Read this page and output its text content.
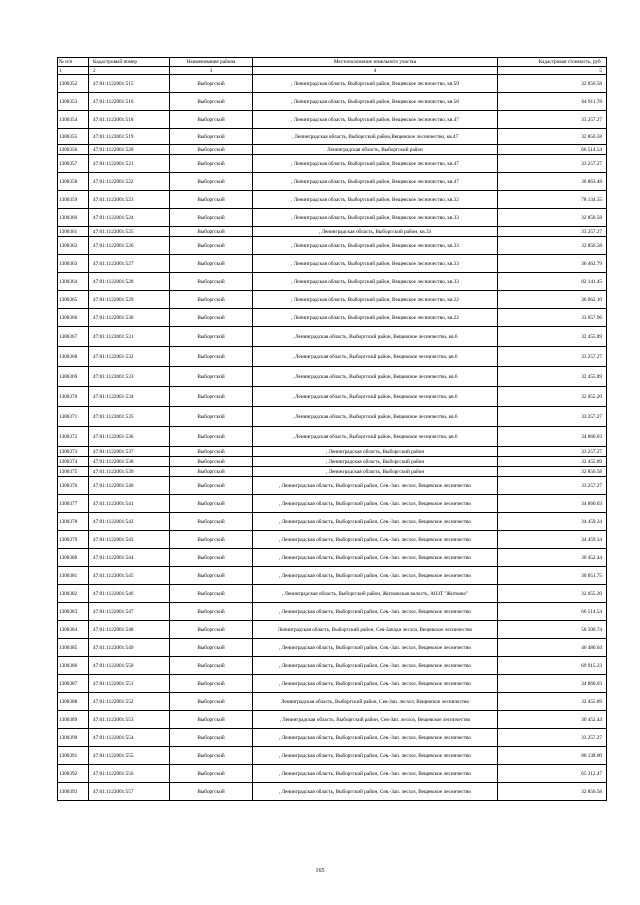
№ п/п	Кадастровый номер	Наименование района	Местоположение земельного участка	Кадастровая стоимость, руб.
1	2	3	4	5
1300352	47:01:1122001:515	Выборгский	, Ленинградская область, Выборгский район, Вещевское лесничество, кв.59	32 856.58
1300353	47:01:1122001:516	Выборгский	, Ленинградская область, Выборгский район, Вещевское лесничество, кв.58	64 911.78
1300354	47:01:1122001:518	Выборгский	, Ленинградская область, Выборгский район, Вещевское лесничество, кв.47	33 257.27
1300355	47:01:1122001:519	Выборгский	, Ленинградская область, Выборгский район,Вещевское лесничество, кв.47	32 856.58
1300356	47:01:1122001:520	Выборгский	Ленинградская область, Выборгский район	66 514.54
1300357	47:01:1122001:521	Выборгский	, Ленинградская область, Выборгский район, Вещевское лесничество, кв.47	33 257.27
1300358	47:01:1122001:522	Выборгский	, Ленинградская область, Выборгский район, Вещевское лесничество, кв.47	36 863.48
1300359	47:01:1122001:523	Выборгский	, Ленинградская область, Выборгский район, Вещевское лесничество, кв.32	78 134.55
1300360	47:01:1122001:524	Выборгский	, Ленинградская область, Выборгский район, Вещевское лесничество, кв.33	32 856.58
1300361	47:01:1122001:525	Выборгский	, Ленинградская область, Выборгский район, кв.33	33 257.27
1300362	47:01:1122001:526	Выборгский	, Ленинградская область, Выборгский район, Вещевское лесничество, кв.33	32 856.58
1300363	47:01:1122001:527	Выборгский	, Ленинградская область, Выборгский район, Вещевское лесничество, кв.33	36 462.79
1300364	47:01:1122001:528	Выборгский	, Ленинградская область, Выборгский район, Вещевское лесничество, кв.33	82 141.45
1300365	47:01:1122001:529	Выборгский	, Ленинградская область, Выборгский район, Вещевское лесничество, кв.22	36 062.10
1300366	47:01:1122001:530	Выборгский	, Ленинградская область, Выборгский район, Вещевское лесничество, кв.22	33 657.96
1300367	47:01:1122001:531	Выборгский	, Ленинградская область, Выборгский район, Вещевское лесничество, кв.6	32 455.89
1300368	47:01:1122001:532	Выборгский	, Ленинградская область, Выборгский район, Вещевское лесничество, кв.6	33 257.27
1300369	47:01:1122001:533	Выборгский	, Ленинградская область, Выборгский район, Вещевское лесничество, кв.6	32 455.89
1300370	47:01:1122001:534	Выборгский	, Ленинградская область, Выборгский район, Вещевское лесничество, кв.6	32 055.20
1300371	47:01:1122001:535	Выборгский	, Ленинградская область, Выборгский район, Вещевское лесничество, кв.6	33 257.27
1300372	47:01:1122001:536	Выборгский	, Ленинградская область, Выборгский район, Вещевское лесничество, кв.6	34 860.03
1300373	47:01:1122001:537	Выборгский	, Ленинградская область, Выборгский район	33 257.27
1300374	47:01:1122001:538	Выборгский	, Ленинградская область, Выборгский район	32 455.89
1300375	47:01:1122001:539	Выборгский	, Ленинградская область, Выборгский район	32 856.58
1300376	47:01:1122001:540	Выборгский	, Ленинградская область, Выборгский район, Сев.-Зап. лесхоз, Вещевское лесничество	33 257.27
1300377	47:01:1122001:541	Выборгский	, Ленинградская область, Выборгский район, Сев.-Зап. лесхоз, Вещевское лесничество	34 860.03
1300378	47:01:1122001:542	Выборгский	, Ленинградская область, Выборгский район, Сев.-Зап. лесхоз, Вещевское лесничество	34 459.34
1300379	47:01:1122001:543	Выборгский	, Ленинградская область, Выборгский район, Сев.-Зап. лесхоз, Вещевское лесничество	34 459.34
1300380	47:01:1122001:544	Выборгский	, Ленинградская область, Выборгский район, Сев.-Зап. лесхоз, Вещевское лесничество	30 452.44
1300381	47:01:1122001:545	Выборгский	, Ленинградская область, Выборгский район, Сев.-Зап. лесхоз, Вещевское лесничество	30 051.75
1300382	47:01:1122001:546	Выборгский	, Ленинградская область, Выборгский район, Житковская волость, АОЗТ "Житково"	32 055.20
1300383	47:01:1122001:547	Выборгский	, Ленинградская область, Выборгский район, Сев.-Зап. лесхоз, Вещевское лесничество	66 514.54
1300384	47:01:1122001:548	Выборгский	Ленинградская область, Выборгский район, Сев-Западн лесхоз, Вещевское лесничество	58 500.74
1300385	47:01:1122001:549	Выборгский	, Ленинградская область, Выборгский район, Сев.-Зап. лесхоз, Вещевское лесничество	46 480.04
1300386	47:01:1122001:550	Выборгский	, Ленинградская область, Выборгский район, Сев.-Зап. лесхоз, Вещевское лесничество	69 915.23
1300387	47:01:1122001:551	Выборгский	, Ленинградская область, Выборгский район, Сев.-Зап. лесхоз, Вещевское лесничество	34 860.03
1300388	47:01:1122001:552	Выборгский	Ленинградская область, Выборгский район, Сев-Зап. лесхоз, Вещевское лесничество	32 455.89
1300389	47:01:1122001:553	Выборгский	, Ленинградская область, Выборгский район, Сев-Зап. лесхоз, Вещевское лесничество	30 452.44
1300390	47:01:1122001:554	Выборгский	, Ленинградская область, Выборгский район, Сев.-Зап. лесхоз, Вещевское лесничество	33 257.27
1300391	47:01:1122001:555	Выборгский	, Ленинградская область, Выборгский район, Сев.-Зап. лесхоз, Вещевское лесничество	80 138.00
1300392	47:01:1122001:556	Выборгский	, Ленинградская область, Выборгский район, Сев.-Зап. лесхоз, Вещевское лесничество	65 312.47
1300393	47:01:1122001:557	Выборгский	, Ленинградская область, Выборгский район, Сев.-Зап. лесхоз, Вещевское лесничество	32 856.58
165
